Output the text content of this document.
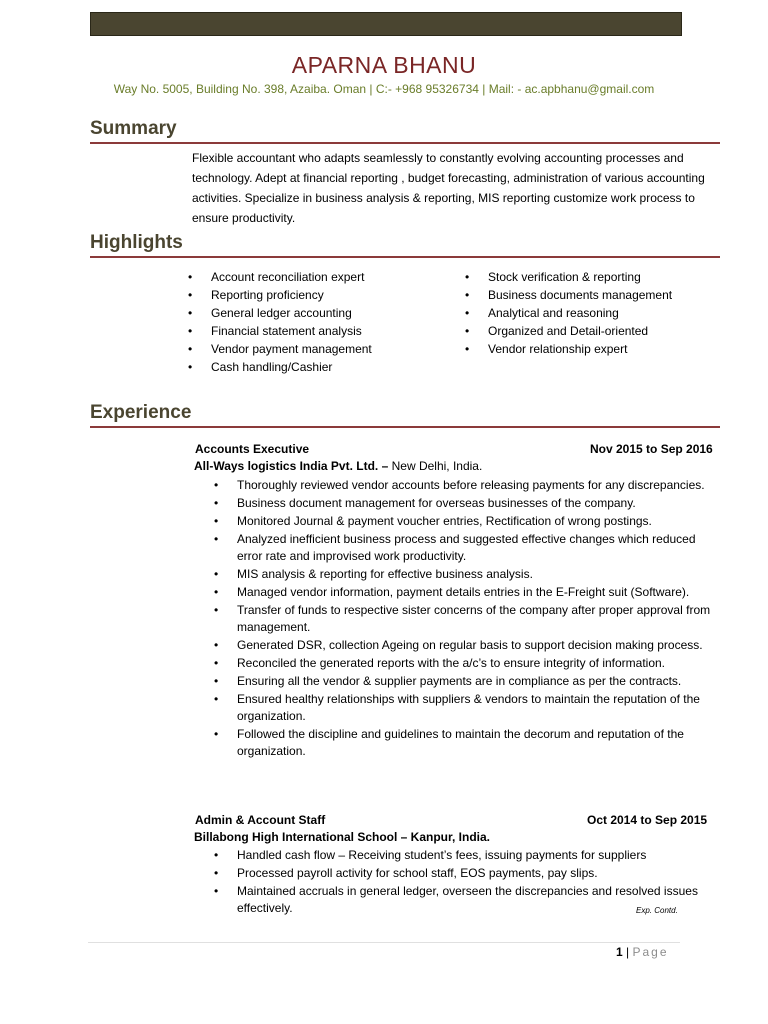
APARNA BHANU
Way No. 5005, Building No. 398, Azaiba. Oman | C:- +968 95326734 | Mail: - ac.apbhanu@gmail.com
Summary
Flexible accountant who adapts seamlessly to constantly evolving accounting processes and technology. Adept at financial reporting , budget forecasting, administration of various accounting activities. Specialize in business analysis & reporting, MIS reporting customize work process to ensure productivity.
Highlights
• Account reconciliation expert
• Reporting proficiency
• General ledger accounting
• Financial statement analysis
• Vendor payment management
• Cash handling/Cashier
• Stock verification & reporting
• Business documents management
• Analytical and reasoning
• Organized and Detail-oriented
• Vendor relationship expert
Experience
Accounts Executive	Nov 2015 to Sep 2016
All-Ways logistics India Pvt. Ltd. – New Delhi, India.
• Thoroughly reviewed vendor accounts before releasing payments for any discrepancies.
• Business document management for overseas businesses of the company.
• Monitored Journal & payment voucher entries, Rectification of wrong postings.
• Analyzed inefficient business process and suggested effective changes which reduced error rate and improvised work productivity.
• MIS analysis & reporting for effective business analysis.
• Managed vendor information, payment details entries in the E-Freight suit (Software).
• Transfer of funds to respective sister concerns of the company after proper approval from management.
• Generated DSR, collection Ageing on regular basis to support decision making process.
• Reconciled the generated reports with the a/c’s to ensure integrity of information.
• Ensuring all the vendor & supplier payments are in compliance as per the contracts.
• Ensured healthy relationships with suppliers & vendors to maintain the reputation of the organization.
• Followed the discipline and guidelines to maintain the decorum and reputation of the organization.
Admin & Account Staff	Oct 2014 to Sep 2015
Billabong High International School – Kanpur, India.
• Handled cash flow – Receiving student’s fees, issuing payments for suppliers
• Processed payroll activity for school staff, EOS payments, pay slips.
• Maintained accruals in general ledger, overseen the discrepancies and resolved issues effectively.	Exp. Contd.
1 | Page
